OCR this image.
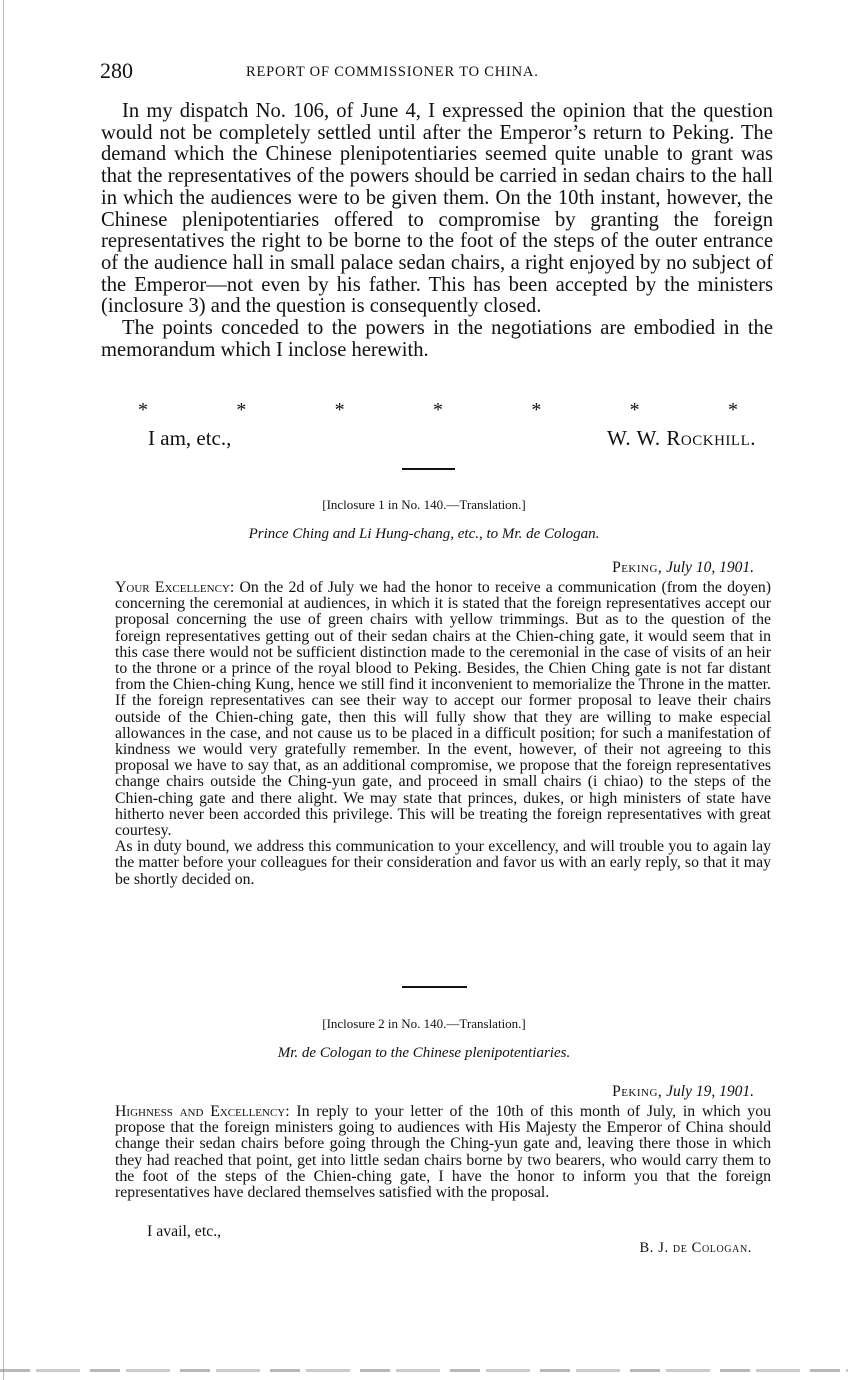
280	REPORT OF COMMISSIONER TO CHINA.

In my dispatch No. 106, of June 4, I expressed the opinion that the question would not be completely settled until after the Emperor’s return to Peking. The demand which the Chinese plenipotentiaries seemed quite unable to grant was that the representatives of the powers should be carried in sedan chairs to the hall in which the audiences were to be given them. On the 10th instant, however, the Chinese plenipotentiaries offered to compromise by granting the foreign representatives the right to be borne to the foot of the steps of the outer entrance of the audience hall in small palace sedan chairs, a right enjoyed by no subject of the Emperor—not even by his father. This has been accepted by the ministers (inclosure 3) and the question is consequently closed.

The points conceded to the powers in the negotiations are embodied in the memorandum which I inclose herewith.

*	*	*	*	*	*	*
I am, etc.,	W. W. Rockhill.
[Inclosure 1 in No. 140.—Translation.]
Prince Ching and Li Hung-chang, etc., to Mr. de Cologan.
Peking, July 10, 1901.

Your Excellency: On the 2d of July we had the honor to receive a communication (from the doyen) concerning the ceremonial at audiences, in which it is stated that the foreign representatives accept our proposal concerning the use of green chairs with yellow trimmings. But as to the question of the foreign representatives getting out of their sedan chairs at the Chien-ching gate, it would seem that in this case there would not be sufficient distinction made to the ceremonial in the case of visits of an heir to the throne or a prince of the royal blood to Peking. Besides, the Chien Ching gate is not far distant from the Chien-ching Kung, hence we still find it inconvenient to memorialize the Throne in the matter.

If the foreign representatives can see their way to accept our former proposal to leave their chairs outside of the Chien-ching gate, then this will fully show that they are willing to make especial allowances in the case, and not cause us to be placed in a difficult position; for such a manifestation of kindness we would very gratefully remember. In the event, however, of their not agreeing to this proposal we have to say that, as an additional compromise, we propose that the foreign representatives change chairs outside the Ching-yun gate, and proceed in small chairs (i chiao) to the steps of the Chien-ching gate and there alight. We may state that princes, dukes, or high ministers of state have hitherto never been accorded this privilege. This will be treating the foreign representatives with great courtesy.

As in duty bound, we address this communication to your excellency, and will trouble you to again lay the matter before your colleagues for their consideration and favor us with an early reply, so that it may be shortly decided on.

[Inclosure 2 in No. 140.—Translation.]
Mr. de Cologan to the Chinese plenipotentiaries.
Peking, July 19, 1901.

Highness and Excellency: In reply to your letter of the 10th of this month of July, in which you propose that the foreign ministers going to audiences with His Majesty the Emperor of China should change their sedan chairs before going through the Ching-yun gate and, leaving there those in which they had reached that point, get into little sedan chairs borne by two bearers, who would carry them to the foot of the steps of the Chien-ching gate, I have the honor to inform you that the foreign representatives have declared themselves satisfied with the proposal.

I avail, etc.,
B. J. de Cologan.
